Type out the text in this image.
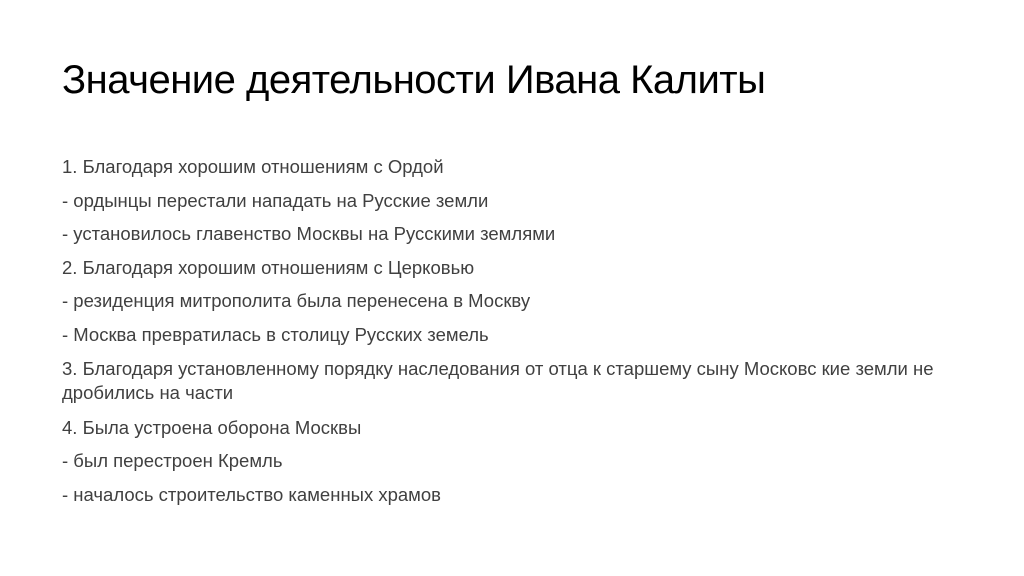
Значение деятельности Ивана Калиты

1. Благодаря хорошим отношениям с Ордой

- ордынцы перестали нападать на Русские земли

- установилось главенство Москвы на Русскими землями

2. Благодаря хорошим отношениям с Церковью

- резиденция митрополита была перенесена в Москву

- Москва превратилась в столицу Русских земель

3. Благодаря установленному порядку наследования от отца к старшему сыну Московс кие земли не дробились на части

4. Была устроена оборона Москвы

- был перестроен Кремль

- началось строительство каменных храмов
